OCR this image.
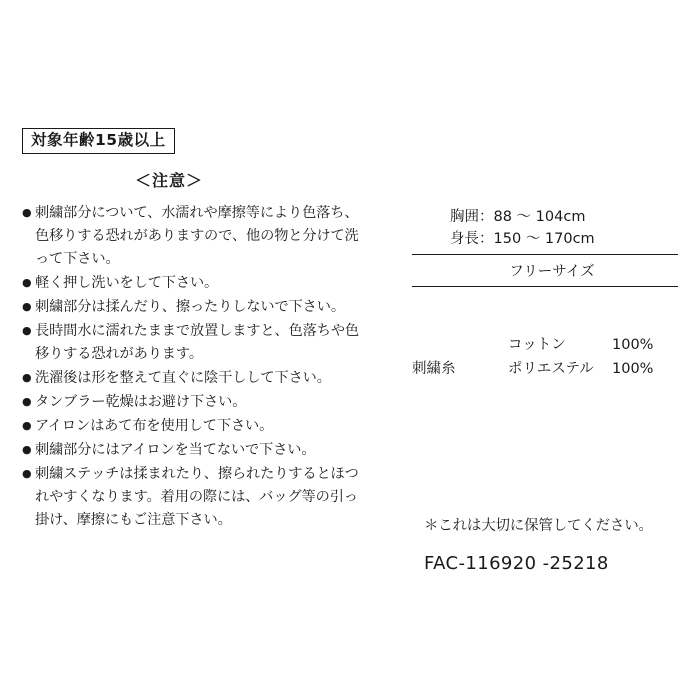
対象年齢15歳以上
＜注意＞
● 刺繍部分について、水濡れや摩擦等により色落ち、色移りする恐れがありますので、他の物と分けて洗って下さい。
● 軽く押し洗いをして下さい。
● 刺繍部分は揉んだり、擦ったりしないで下さい。
● 長時間水に濡れたままで放置しますと、色落ちや色移りする恐れがあります。
● 洗濯後は形を整えて直ぐに陰干しして下さい。
● タンブラー乾燥はお避け下さい。
● アイロンはあて布を使用して下さい。
● 刺繍部分にはアイロンを当てないで下さい。
● 刺繍ステッチは揉まれたり、擦られたりするとほつれやすくなります。着用の際には、バッグ等の引っ掛け、摩擦にもご注意下さい。
胸囲：88 ～ 104cm
身長：150 ～ 170cm
フリーサイズ
	コットン	100%
刺繍糸	ポリエステル	100%
＊これは大切に保管してください。
FAC-116920 -25218
